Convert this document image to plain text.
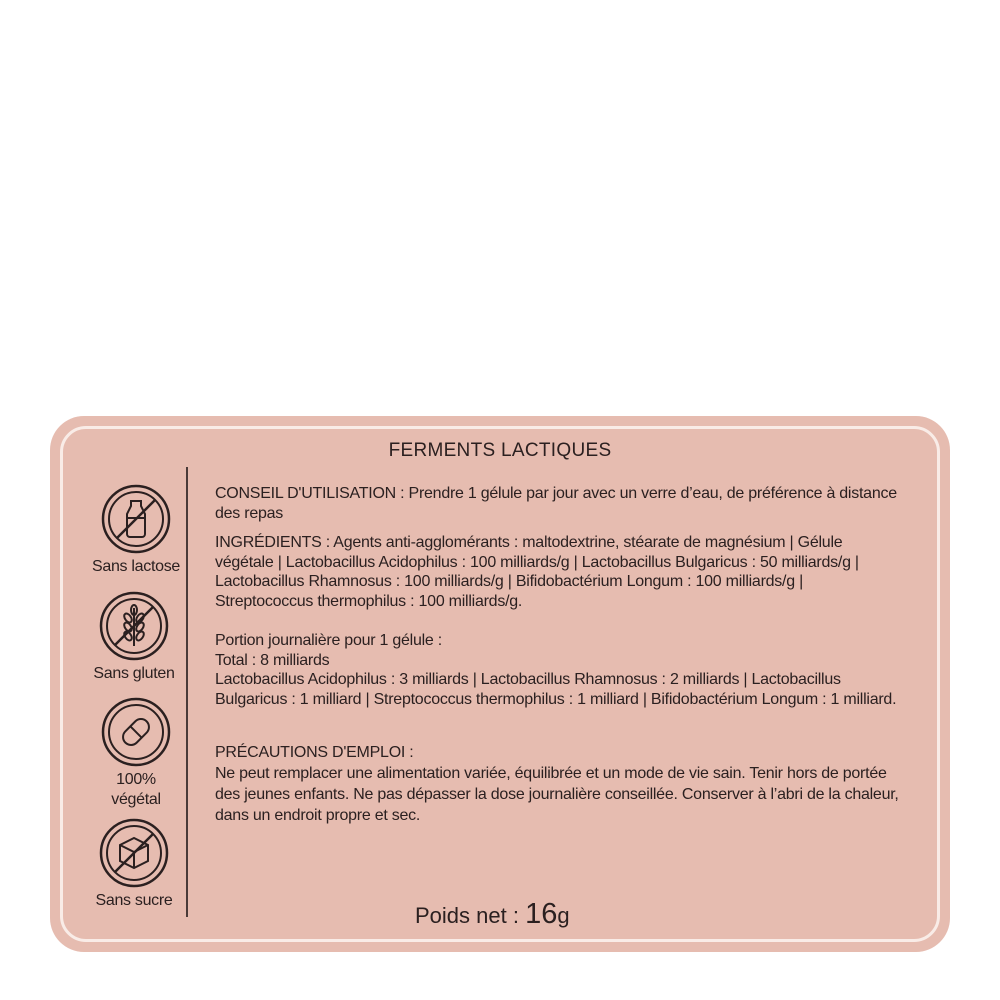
FERMENTS LACTIQUES
Sans lactose
Sans gluten
100%
végétal
Sans sucre

CONSEIL D'UTILISATION : Prendre 1 gélule par jour avec un verre d’eau, de préférence à distance des repas

INGRÉDIENTS : Agents anti-agglomérants : maltodextrine, stéarate de magnésium | Gélule végétale | Lactobacillus Acidophilus : 100 milliards/g | Lactobacillus Bulgaricus : 50 milliards/g | Lactobacillus Rhamnosus : 100 milliards/g | Bifidobactérium Longum : 100 milliards/g | Streptococcus thermophilus : 100 milliards/g.

Portion journalière pour 1 gélule :

Total : 8 milliards

Lactobacillus Acidophilus : 3 milliards | Lactobacillus Rhamnosus : 2 milliards | Lactobacillus Bulgaricus : 1 milliard | Streptococcus thermophilus : 1 milliard | Bifidobactérium Longum : 1 milliard.

PRÉCAUTIONS D'EMPLOI :

Ne peut remplacer une alimentation variée, équilibrée et un mode de vie sain. Tenir hors de portée des jeunes enfants. Ne pas dépasser la dose journalière conseillée. Conserver à l’abri de la chaleur, dans un endroit propre et sec.

Poids net : 16g
